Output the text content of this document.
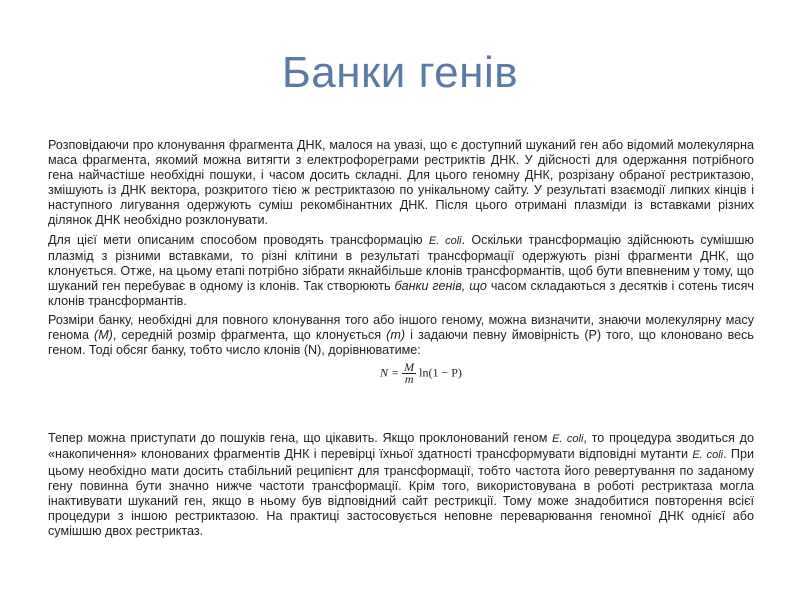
Банки генів

Розповідаючи про клонування фрагмента ДНК, малося на увазі, що є доступний шуканий ген або відомий молекулярна маса фрагмента, якомий можна витягти з електрофореграми рестриктів ДНК. У дійсності для одержання потрібного гена найчастіше необхідні пошуки, і часом досить складні. Для цього геномну ДНК, розрізану обраної рестриктазою, змішують із ДНК вектора, розкритого тією ж рестриктазою по унікальному сайту. У результаті взаємодії липких кінців і наступного лигування одержують суміш рекомбінантних ДНК. Після цього отримані плазміди із вставками різних ділянок ДНК необхідно розклонувати.

Для цієї мети описаним способом проводять трансформацію E. coli. Оскільки трансформацію здійснюють сумішшю плазмід з різними вставками, то різні клітини в результаті трансформації одержують різні фрагменти ДНК, що клонується. Отже, на цьому етапі потрібно зібрати якнайбільше клонів трансформантів, щоб бути впевненим у тому, що шуканий ген перебуває в одному із клонів. Так створюють банки генів, що часом складаються з десятків і сотень тисяч клонів трансформантів.

Розміри банку, необхідні для повного клонування того або іншого геному, можна визначити, знаючи молекулярну масу генома (M), середній розмір фрагмента, що клонується (m) і задаючи певну ймовірність (P) того, що клоновано весь геном. Тоді обсяг банку, тобто число клонів (N), дорівнюватиме:

$N = \frac{M}{m} \ln(1 - P)$

Тепер можна приступати до пошуків гена, що цікавить. Якщо проклонований геном E. coli, то процедура зводиться до «накопичення» клонованих фрагментів ДНК і перевірці їхньої здатності трансформувати відповідні мутанти E. coli. При цьому необхідно мати досить стабільний реципієнт для трансформації, тобто частота його ревертування по заданому гену повинна бути значно нижче частоти трансформації. Крім того, використовувана в роботі рестриктаза могла інактивувати шуканий ген, якщо в ньому був відповідний сайт рестрикції. Тому може знадобитися повторення всієї процедури з іншою рестриктазою. На практиці застосовується неповне переварювання геномної ДНК однієї або сумішшю двох рестриктаз.
